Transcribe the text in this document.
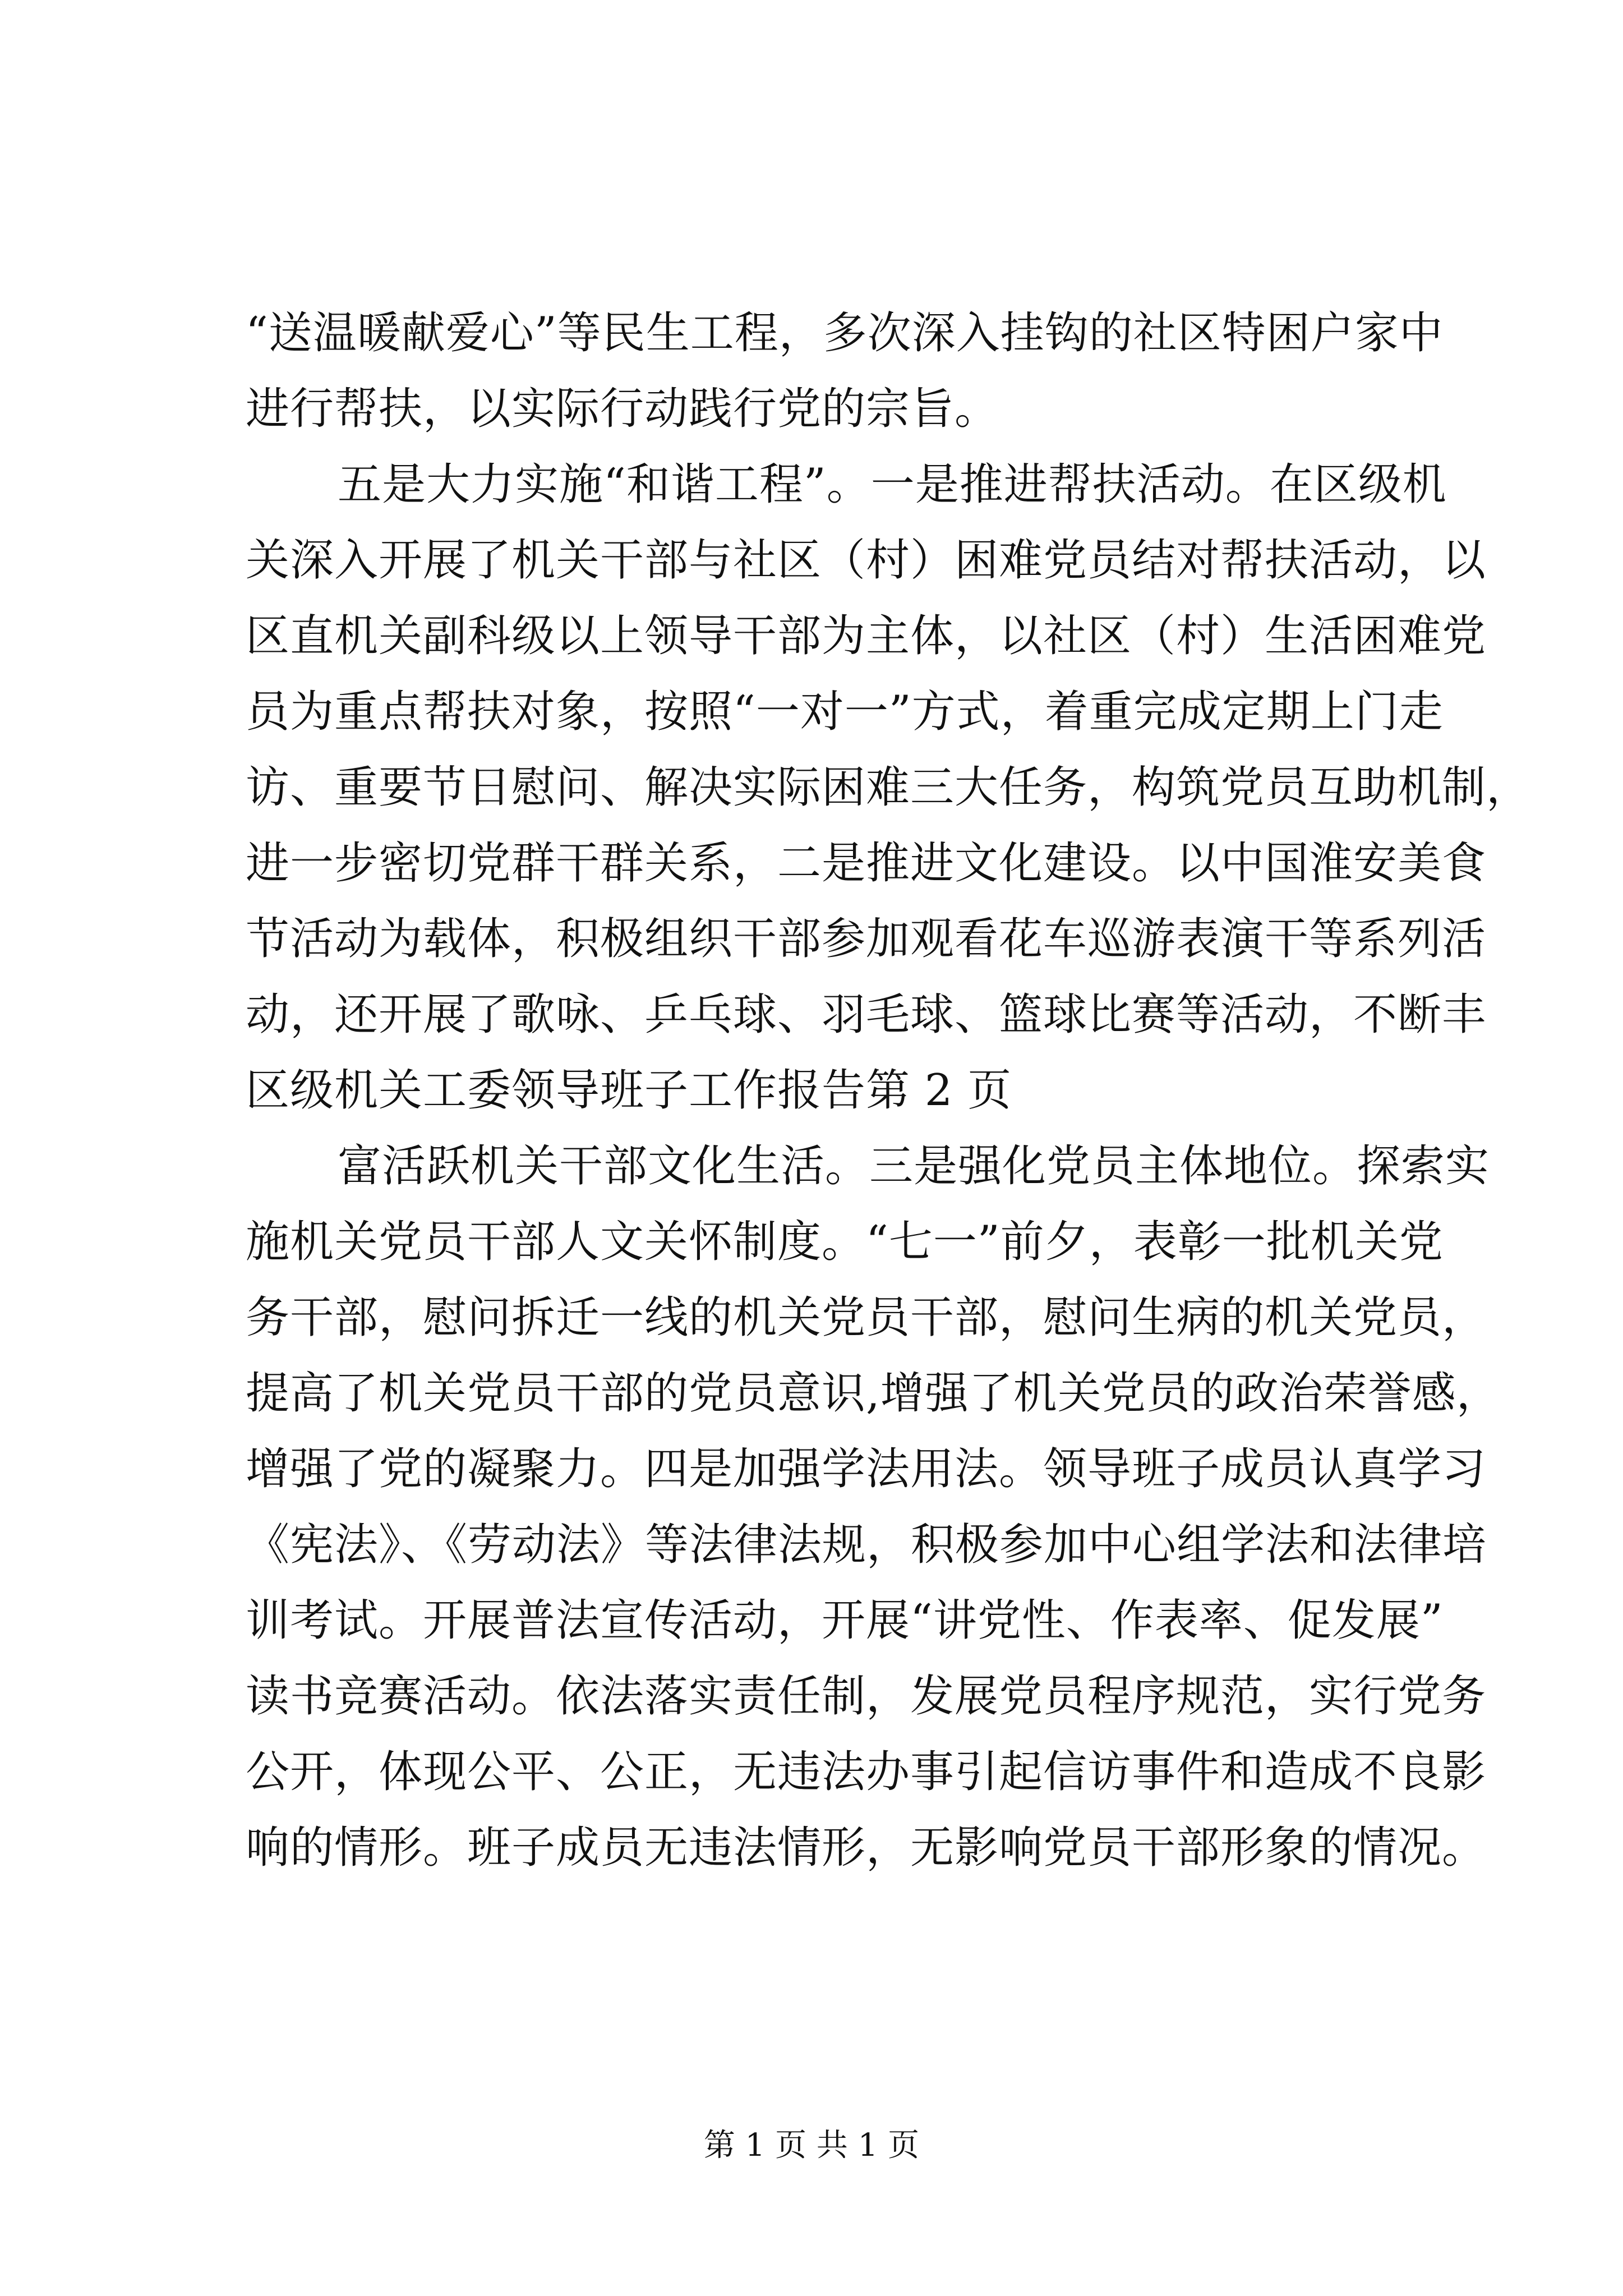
“送温暖献爱心”等民生工程，多次深入挂钩的社区特困户家中
进行帮扶，以实际行动践行党的宗旨。
五是大力实施“和谐工程”。一是推进帮扶活动。在区级机
关深入开展了机关干部与社区（村）困难党员结对帮扶活动，以
区直机关副科级以上领导干部为主体，以社区（村）生活困难党
员为重点帮扶对象，按照“一对一”方式，着重完成定期上门走
访、重要节日慰问、解决实际困难三大任务，构筑党员互助机制，
进一步密切党群干群关系，二是推进文化建设。以中国淮安美食
节活动为载体，积极组织干部参加观看花车巡游表演干等系列活
动，还开展了歌咏、乒乓球、羽毛球、篮球比赛等活动，不断丰
区级机关工委领导班子工作报告第 2 页
富活跃机关干部文化生活。三是强化党员主体地位。探索实
施机关党员干部人文关怀制度。“七一”前夕，表彰一批机关党
务干部，慰问拆迁一线的机关党员干部，慰问生病的机关党员，
提高了机关党员干部的党员意识,增强了机关党员的政治荣誉感，
增强了党的凝聚力。四是加强学法用法。领导班子成员认真学习
《宪法》、《劳动法》等法律法规，积极参加中心组学法和法律培
训考试。开展普法宣传活动，开展“讲党性、作表率、促发展”
读书竞赛活动。依法落实责任制，发展党员程序规范，实行党务
公开，体现公平、公正，无违法办事引起信访事件和造成不良影
响的情形。班子成员无违法情形，无影响党员干部形象的情况。
第 1 页 共 1 页
